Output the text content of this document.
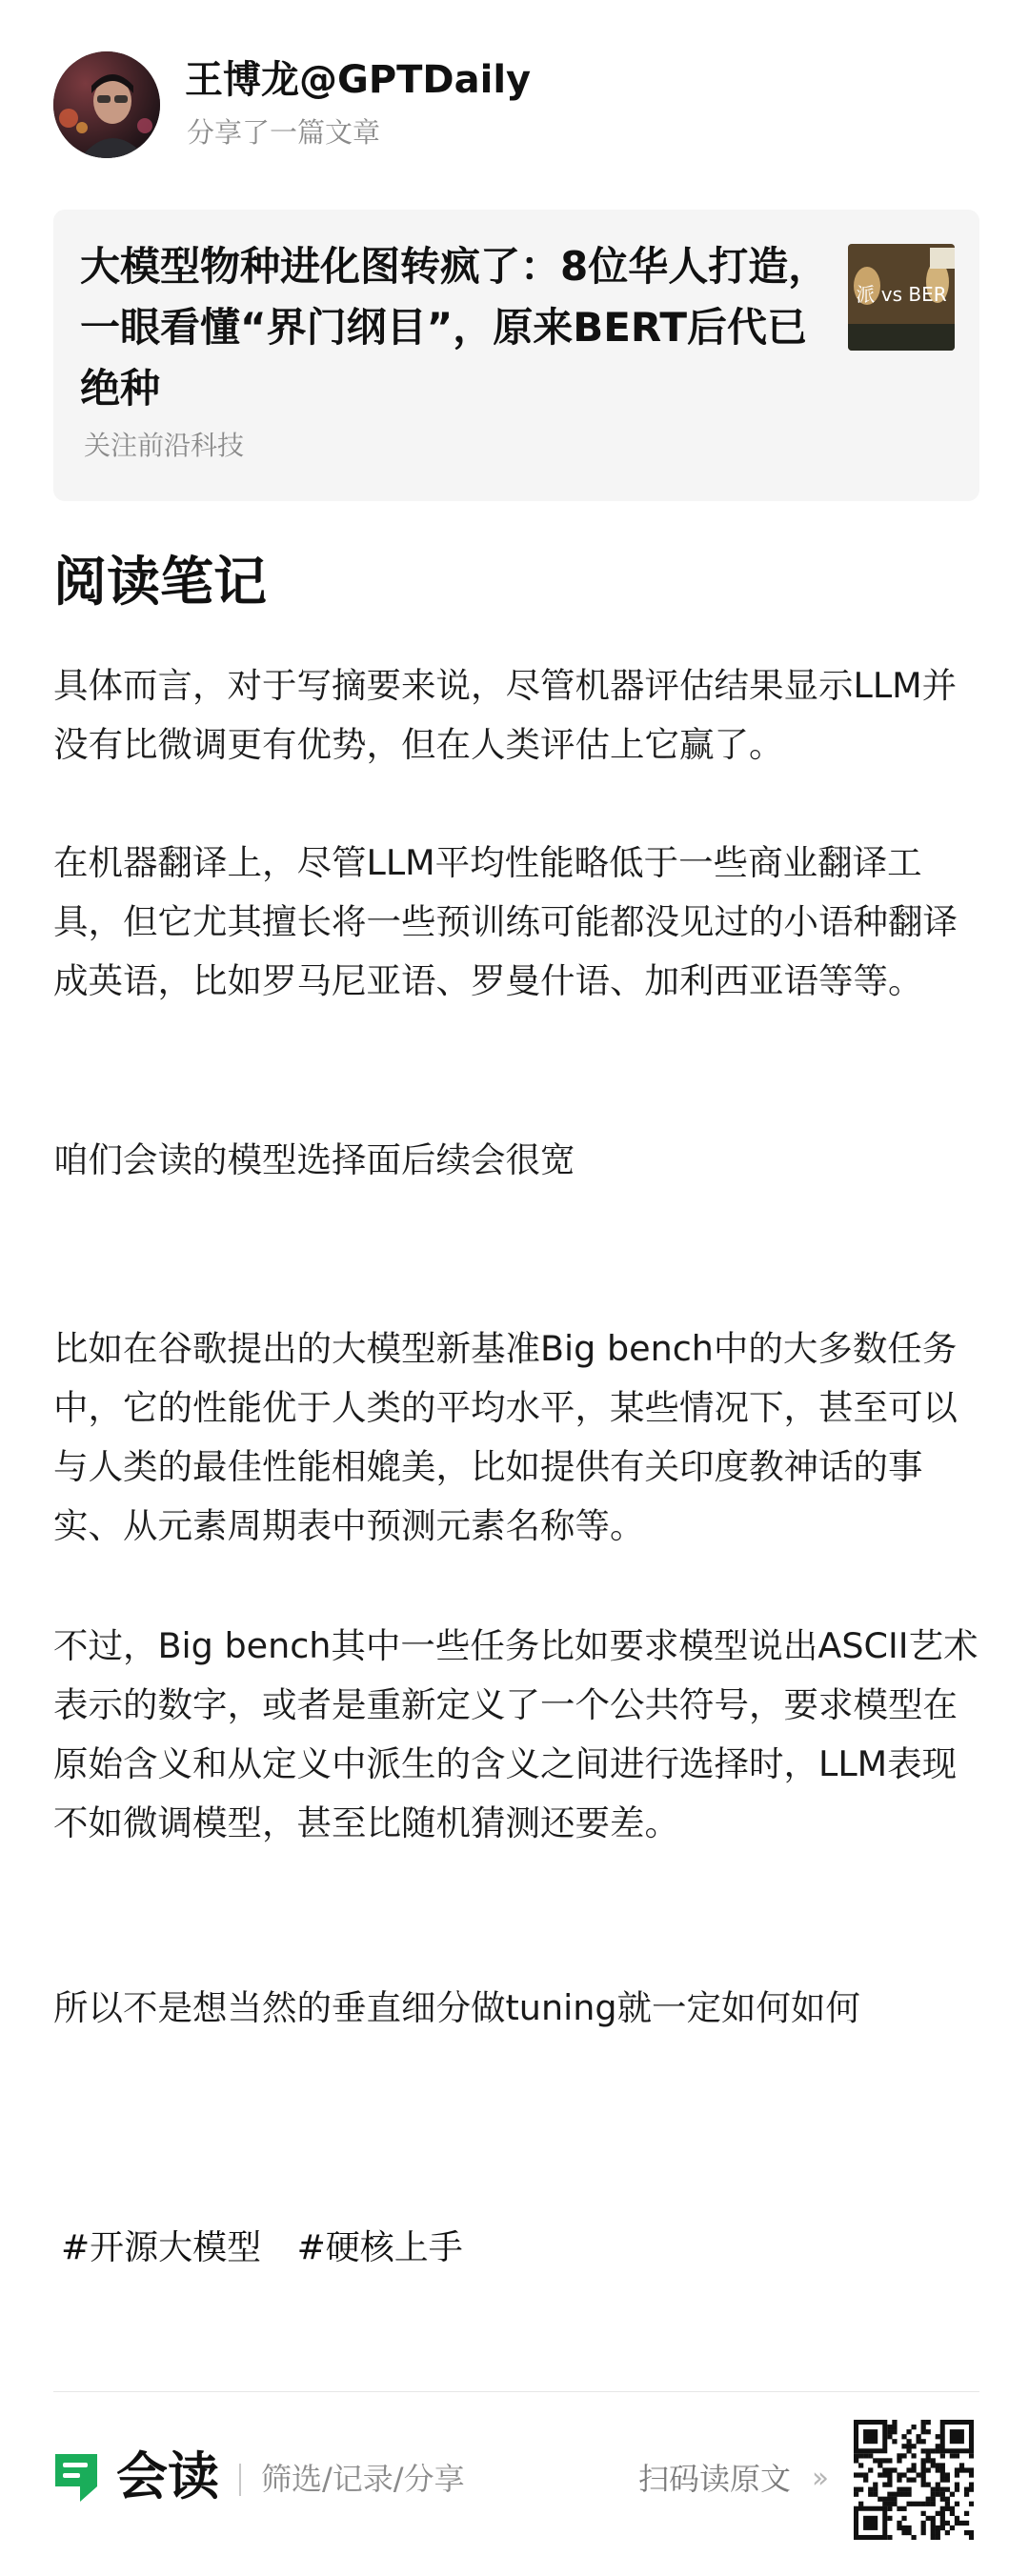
王博龙@GPTDaily
分享了一篇文章
大模型物种进化图转疯了：8位华人打造，一眼看懂“界门纲目”，原来BERT后代已绝种
关注前沿科技
派 vs BER
阅读笔记

具体而言，对于写摘要来说，尽管机器评估结果显示LLM并没有比微调更有优势，但在人类评估上它赢了。

在机器翻译上，尽管LLM平均性能略低于一些商业翻译工具，但它尤其擅长将一些预训练可能都没见过的小语种翻译成英语，比如罗马尼亚语、罗曼什语、加利西亚语等等。

咱们会读的模型选择面后续会很宽

比如在谷歌提出的大模型新基准Big bench中的大多数任务中，它的性能优于人类的平均水平，某些情况下，甚至可以与人类的最佳性能相媲美，比如提供有关印度教神话的事实、从元素周期表中预测元素名称等。

不过，Big bench其中一些任务比如要求模型说出ASCII艺术表示的数字，或者是重新定义了一个公共符号，要求模型在原始含义和从定义中派生的含义之间进行选择时，LLM表现不如微调模型，甚至比随机猜测还要差。

所以不是想当然的垂直细分做tuning就一定如何如何

#开源大模型 #硬核上手
会读 筛选/记录/分享	扫码读原文 ››
